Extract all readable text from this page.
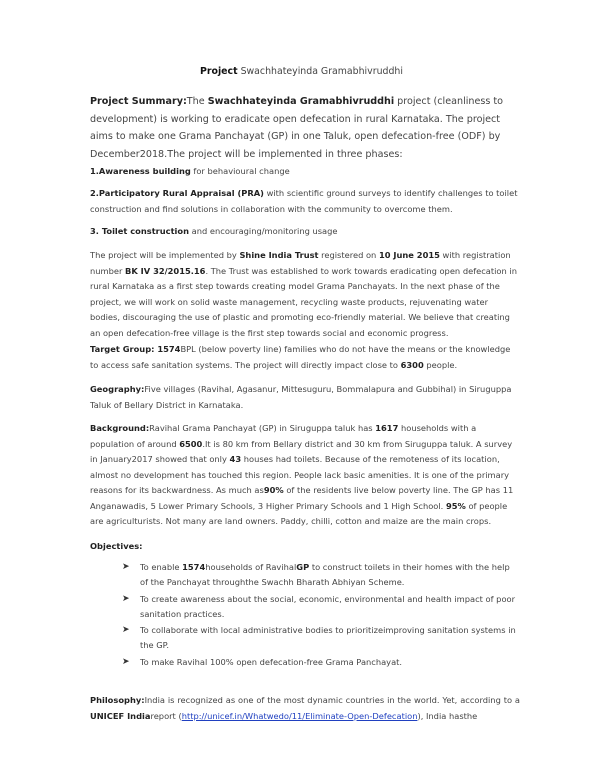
Project Swachhateyinda Gramabhivruddhi

Project Summary:The Swachhateyinda Gramabhivruddhi project (cleanliness to development) is working to eradicate open defecation in rural Karnataka. The project aims to make one Grama Panchayat (GP) in one Taluk, open defecation-free (ODF) by December2018.The project will be implemented in three phases:

1.Awareness building for behavioural change

2.Participatory Rural Appraisal (PRA) with scientific ground surveys to identify challenges to toilet construction and find solutions in collaboration with the community to overcome them.

3. Toilet construction and encouraging/monitoring usage

The project will be implemented by Shine India Trust registered on 10 June 2015 with registration number BK IV 32/2015.16. The Trust was established to work towards eradicating open defecation in rural Karnataka as a first step towards creating model Grama Panchayats. In the next phase of the project, we will work on solid waste management, recycling waste products, rejuvenating water bodies, discouraging the use of plastic and promoting eco-friendly material. We believe that creating an open defecation-free village is the first step towards social and economic progress.

Target Group: 1574BPL (below poverty line) families who do not have the means or the knowledge to access safe sanitation systems. The project will directly impact close to 6300 people.

Geography:Five villages (Ravihal, Agasanur, Mittesuguru, Bommalapura and Gubbihal) in Siruguppa Taluk of Bellary District in Karnataka.

Background:Ravihal Grama Panchayat (GP) in Siruguppa taluk has 1617 households with a population of around 6500.It is 80 km from Bellary district and 30 km from Siruguppa taluk. A survey in January2017 showed that only 43 houses had toilets. Because of the remoteness of its location, almost no development has touched this region. People lack basic amenities. It is one of the primary reasons for its backwardness. As much as90% of the residents live below poverty line. The GP has 11 Anganawadis, 5 Lower Primary Schools, 3 Higher Primary Schools and 1 High School. 95% of people are agriculturists. Not many are land owners. Paddy, chilli, cotton and maize are the main crops.

Objectives:

➤ To enable 1574households of RavihalGP to construct toilets in their homes with the help of the Panchayat throughthe Swachh Bharath Abhiyan Scheme.
➤ To create awareness about the social, economic, environmental and health impact of poor sanitation practices.
➤ To collaborate with local administrative bodies to prioritizeimproving sanitation systems in the GP.
➤ To make Ravihal 100% open defecation-free Grama Panchayat.

Philosophy:India is recognized as one of the most dynamic countries in the world. Yet, according to a UNICEF Indiareport (http://unicef.in/Whatwedo/11/Eliminate-Open-Defecation), India hasthe
